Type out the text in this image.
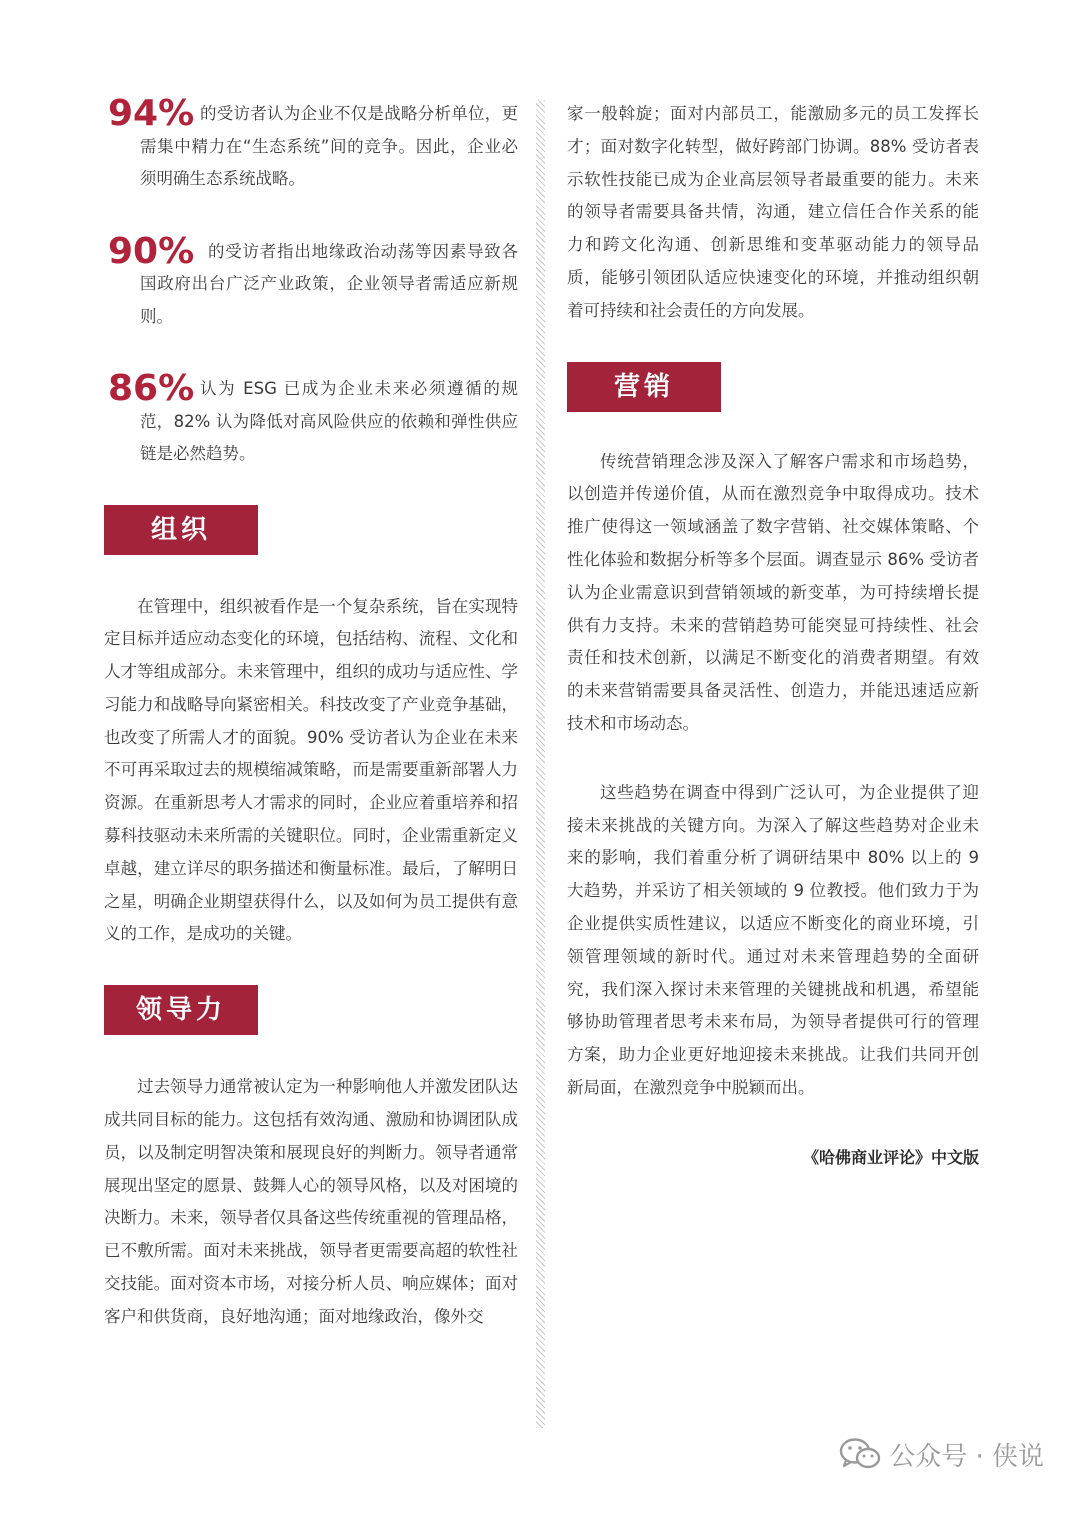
94% 的受访者认为企业不仅是战略分析单位，更需集中精力在“生态系统”间的竞争。因此，企业必须明确生态系统战略。

90% 的受访者指出地缘政治动荡等因素导致各国政府出台广泛产业政策，企业领导者需适应新规则。

86% 认为 ESG 已成为企业未来必须遵循的规范，82% 认为降低对高风险供应的依赖和弹性供应链是必然趋势。

组织

在管理中，组织被看作是一个复杂系统，旨在实现特定目标并适应动态变化的环境，包括结构、流程、文化和人才等组成部分。未来管理中，组织的成功与适应性、学习能力和战略导向紧密相关。科技改变了产业竞争基础，也改变了所需人才的面貌。90% 受访者认为企业在未来不可再采取过去的规模缩减策略，而是需要重新部署人力资源。在重新思考人才需求的同时，企业应着重培养和招募科技驱动未来所需的关键职位。同时，企业需重新定义卓越，建立详尽的职务描述和衡量标准。最后，了解明日之星，明确企业期望获得什么，以及如何为员工提供有意义的工作，是成功的关键。

领导力

过去领导力通常被认定为一种影响他人并激发团队达成共同目标的能力。这包括有效沟通、激励和协调团队成员，以及制定明智决策和展现良好的判断力。领导者通常展现出坚定的愿景、鼓舞人心的领导风格，以及对困境的决断力。未来，领导者仅具备这些传统重视的管理品格，已不敷所需。面对未来挑战，领导者更需要高超的软性社交技能。面对资本市场，对接分析人员、响应媒体；面对客户和供货商，良好地沟通；面对地缘政治，像外交

家一般斡旋；面对内部员工，能激励多元的员工发挥长才；面对数字化转型，做好跨部门协调。88% 受访者表示软性技能已成为企业高层领导者最重要的能力。未来的领导者需要具备共情，沟通，建立信任合作关系的能力和跨文化沟通、创新思维和变革驱动能力的领导品质，能够引领团队适应快速变化的环境，并推动组织朝着可持续和社会责任的方向发展。

营销

传统营销理念涉及深入了解客户需求和市场趋势，以创造并传递价值，从而在激烈竞争中取得成功。技术推广使得这一领域涵盖了数字营销、社交媒体策略、个性化体验和数据分析等多个层面。调查显示 86% 受访者认为企业需意识到营销领域的新变革，为可持续增长提供有力支持。未来的营销趋势可能突显可持续性、社会责任和技术创新，以满足不断变化的消费者期望。有效的未来营销需要具备灵活性、创造力，并能迅速适应新技术和市场动态。

这些趋势在调查中得到广泛认可，为企业提供了迎接未来挑战的关键方向。为深入了解这些趋势对企业未来的影响，我们着重分析了调研结果中 80% 以上的 9 大趋势，并采访了相关领域的 9 位教授。他们致力于为企业提供实质性建议，以适应不断变化的商业环境，引领管理领域的新时代。通过对未来管理趋势的全面研究，我们深入探讨未来管理的关键挑战和机遇，希望能够协助管理者思考未来布局，为领导者提供可行的管理方案，助力企业更好地迎接未来挑战。让我们共同开创新局面，在激烈竞争中脱颖而出。

《哈佛商业评论》中文版
公众号 · 侠说
